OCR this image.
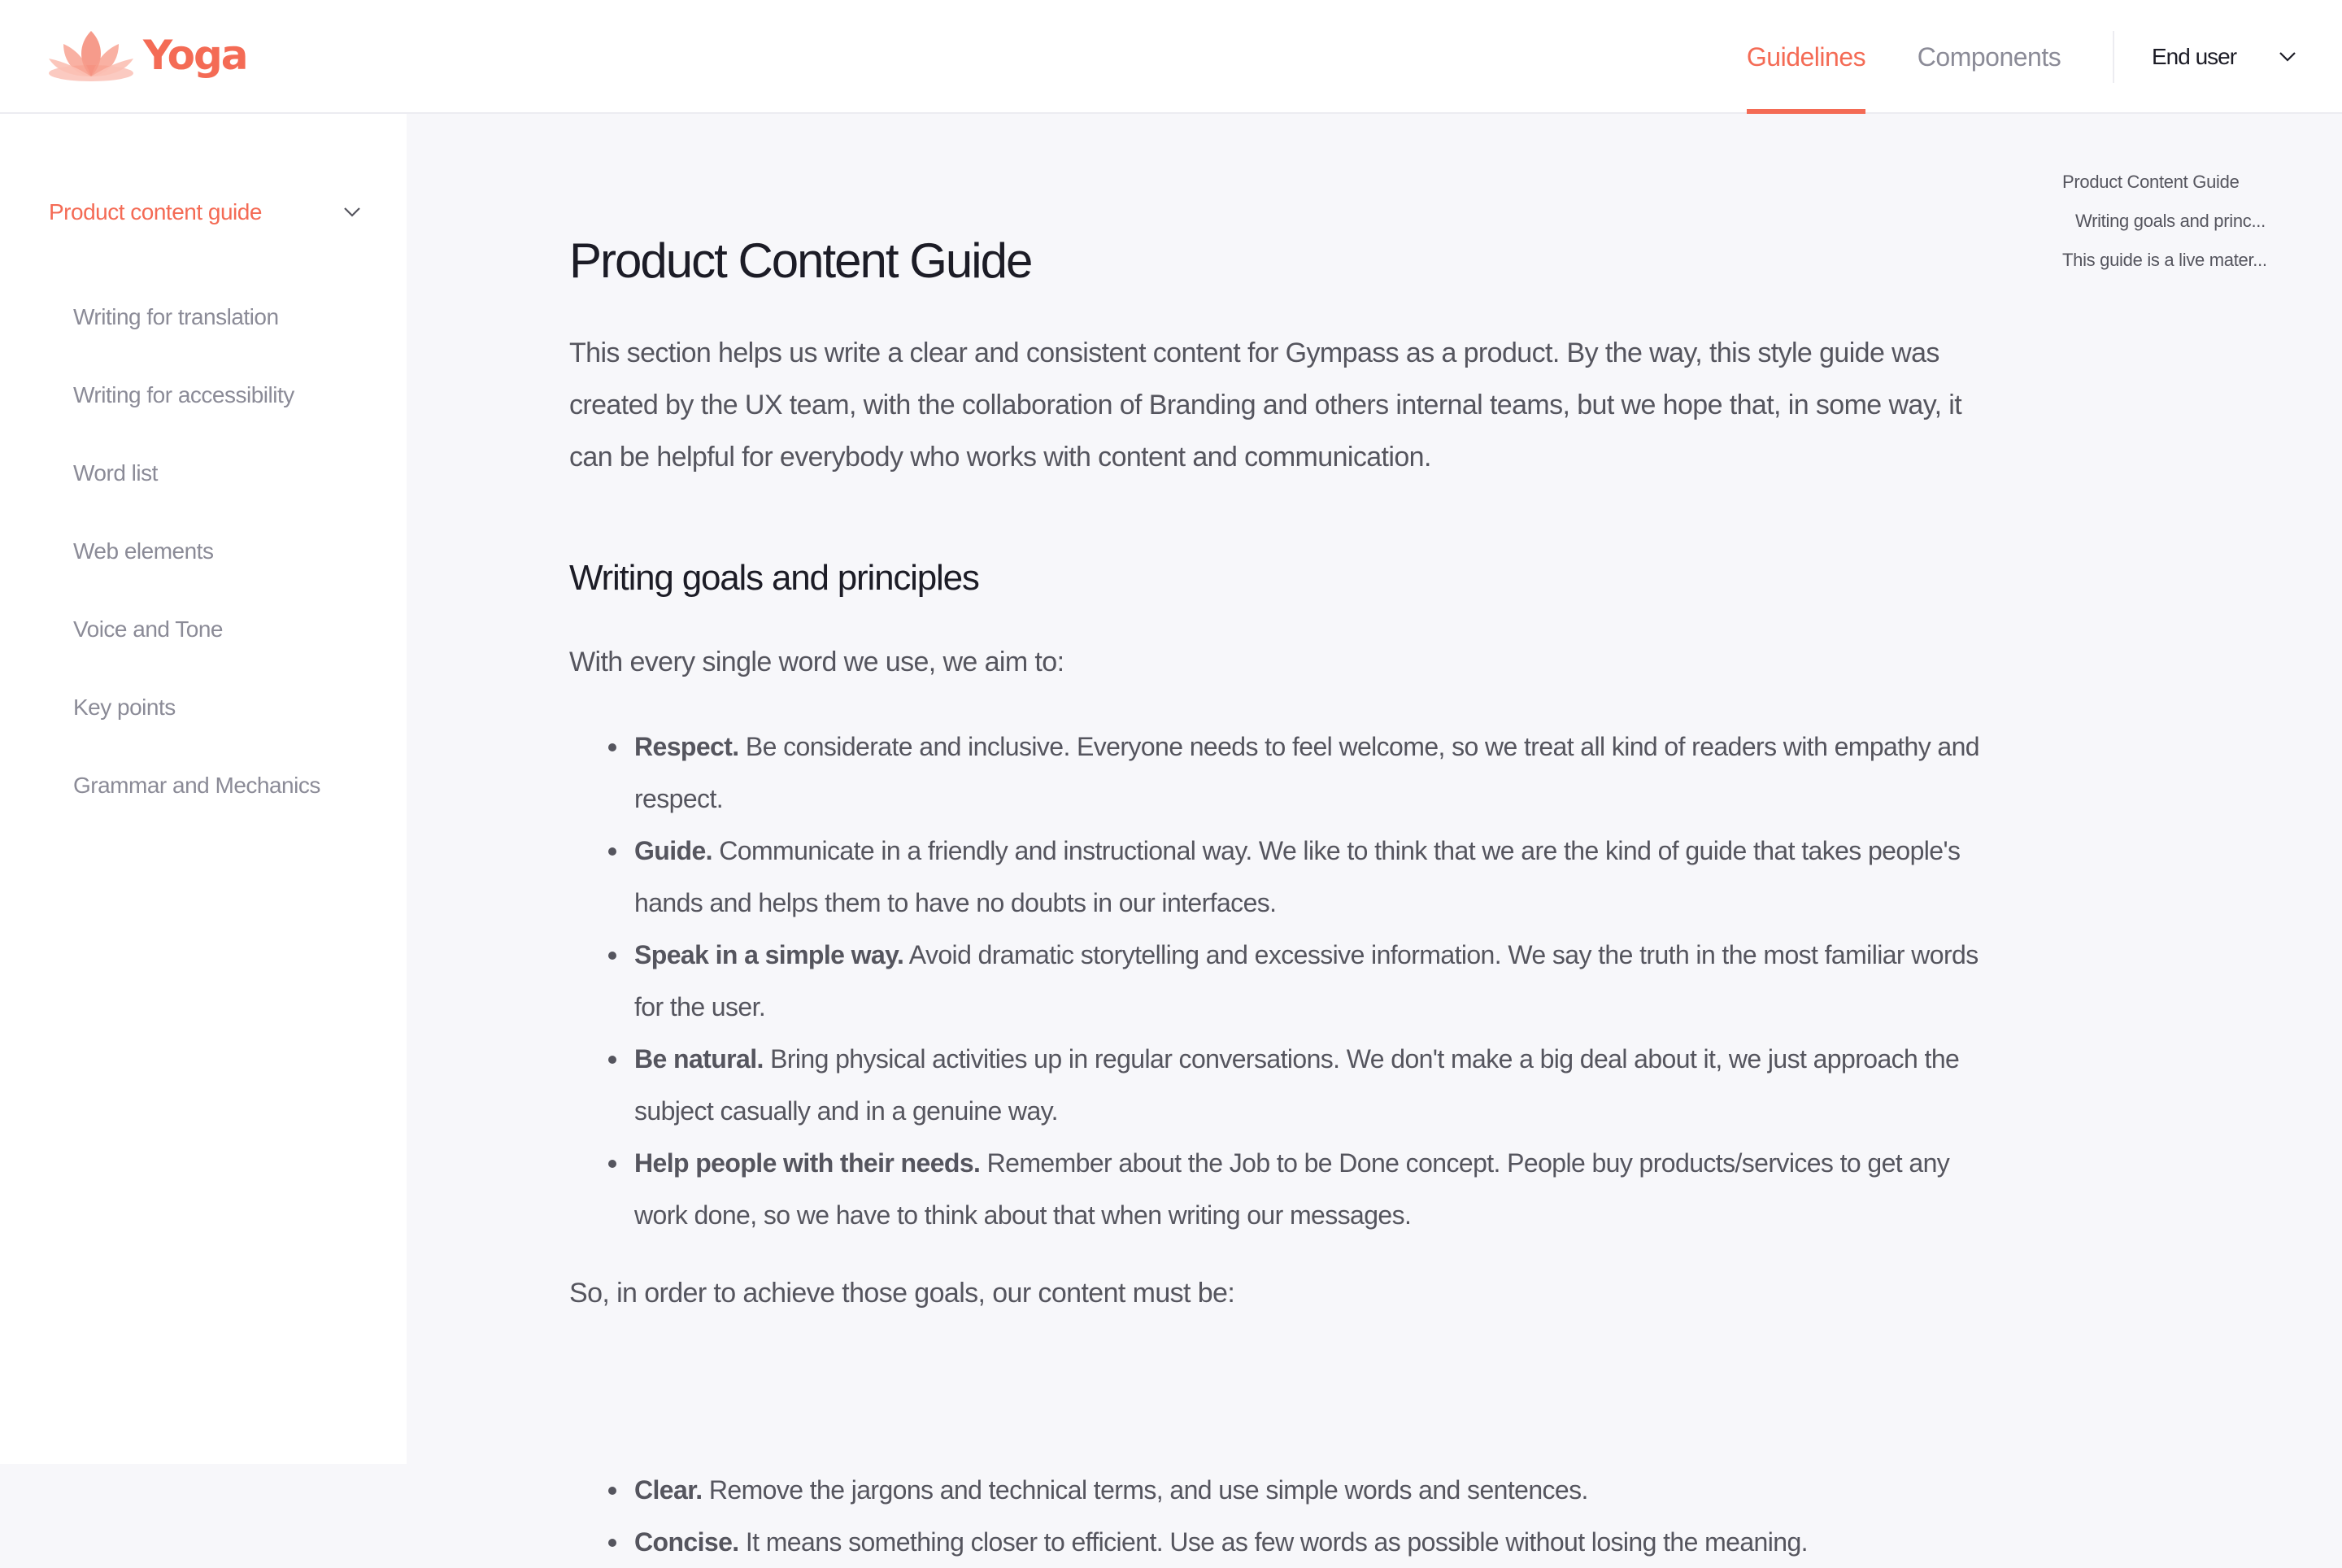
Yoga	Guidelines Components	End user
Product content guide
Writing for translation
Writing for accessibility
Word list
Web elements
Voice and Tone
Key points
Grammar and Mechanics
Product Content Guide

This section helps us write a clear and consistent content for Gympass as a product. By the way, this style guide was created by the UX team, with the collaboration of Branding and others internal teams, but we hope that, in some way, it can be helpful for everybody who works with content and communication.

Writing goals and principles

With every single word we use, we aim to:

Respect. Be considerate and inclusive. Everyone needs to feel welcome, so we treat all kind of readers with empathy and respect.
Guide. Communicate in a friendly and instructional way. We like to think that we are the kind of guide that takes people's hands and helps them to have no doubts in our interfaces.
Speak in a simple way. Avoid dramatic storytelling and excessive information. We say the truth in the most familiar words for the user.
Be natural. Bring physical activities up in regular conversations. We don't make a big deal about it, we just approach the subject casually and in a genuine way.
Help people with their needs. Remember about the Job to be Done concept. People buy products/services to get any work done, so we have to think about that when writing our messages.

So, in order to achieve those goals, our content must be:

Clear. Remove the jargons and technical terms, and use simple words and sentences.
Concise. It means something closer to efficient. Use as few words as possible without losing the meaning.
Product Content Guide
Writing goals and princ...
This guide is a live mater...
